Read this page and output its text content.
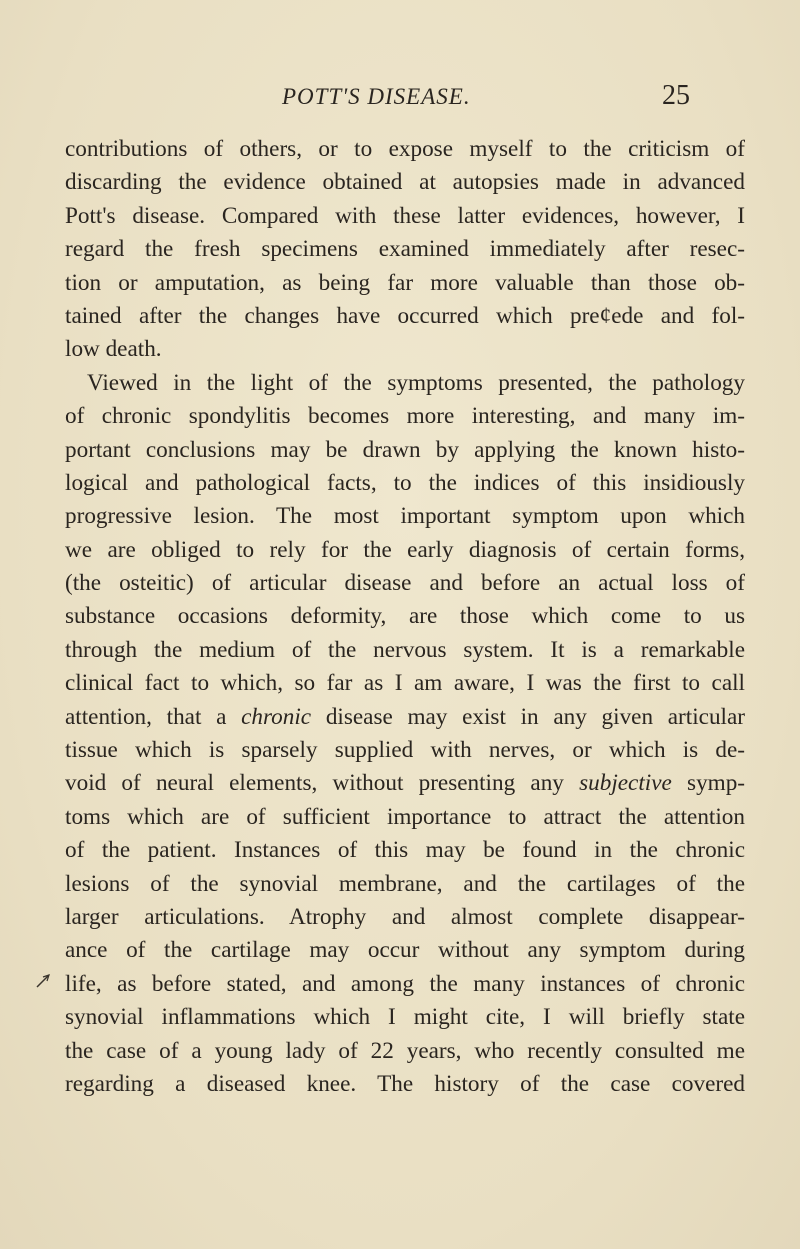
POTT'S DISEASE.	25
contributions of others, or to expose myself to the criticism of
discarding the evidence obtained at autopsies made in advanced
Pott's disease. Compared with these latter evidences, however, I
regard the fresh specimens examined immediately after resec-
tion or amputation, as being far more valuable than those ob-
tained after the changes have occurred which pre¢ede and fol-
low death.
Viewed in the light of the symptoms presented, the pathology
of chronic spondylitis becomes more interesting, and many im-
portant conclusions may be drawn by applying the known histo-
logical and pathological facts, to the indices of this insidiously
progressive lesion. The most important symptom upon which
we are obliged to rely for the early diagnosis of certain forms,
(the osteitic) of articular disease and before an actual loss of
substance occasions deformity, are those which come to us
through the medium of the nervous system. It is a remarkable
clinical fact to which, so far as I am aware, I was the first to call
attention, that a chronic disease may exist in any given articular
tissue which is sparsely supplied with nerves, or which is de-
void of neural elements, without presenting any subjective symp-
toms which are of sufficient importance to attract the attention
of the patient. Instances of this may be found in the chronic
lesions of the synovial membrane, and the cartilages of the
larger articulations. Atrophy and almost complete disappear-
ance of the cartilage may occur without any symptom during
life, as before stated, and among the many instances of chronic
synovial inflammations which I might cite, I will briefly state
the case of a young lady of 22 years, who recently consulted me
regarding a diseased knee. The history of the case covered
